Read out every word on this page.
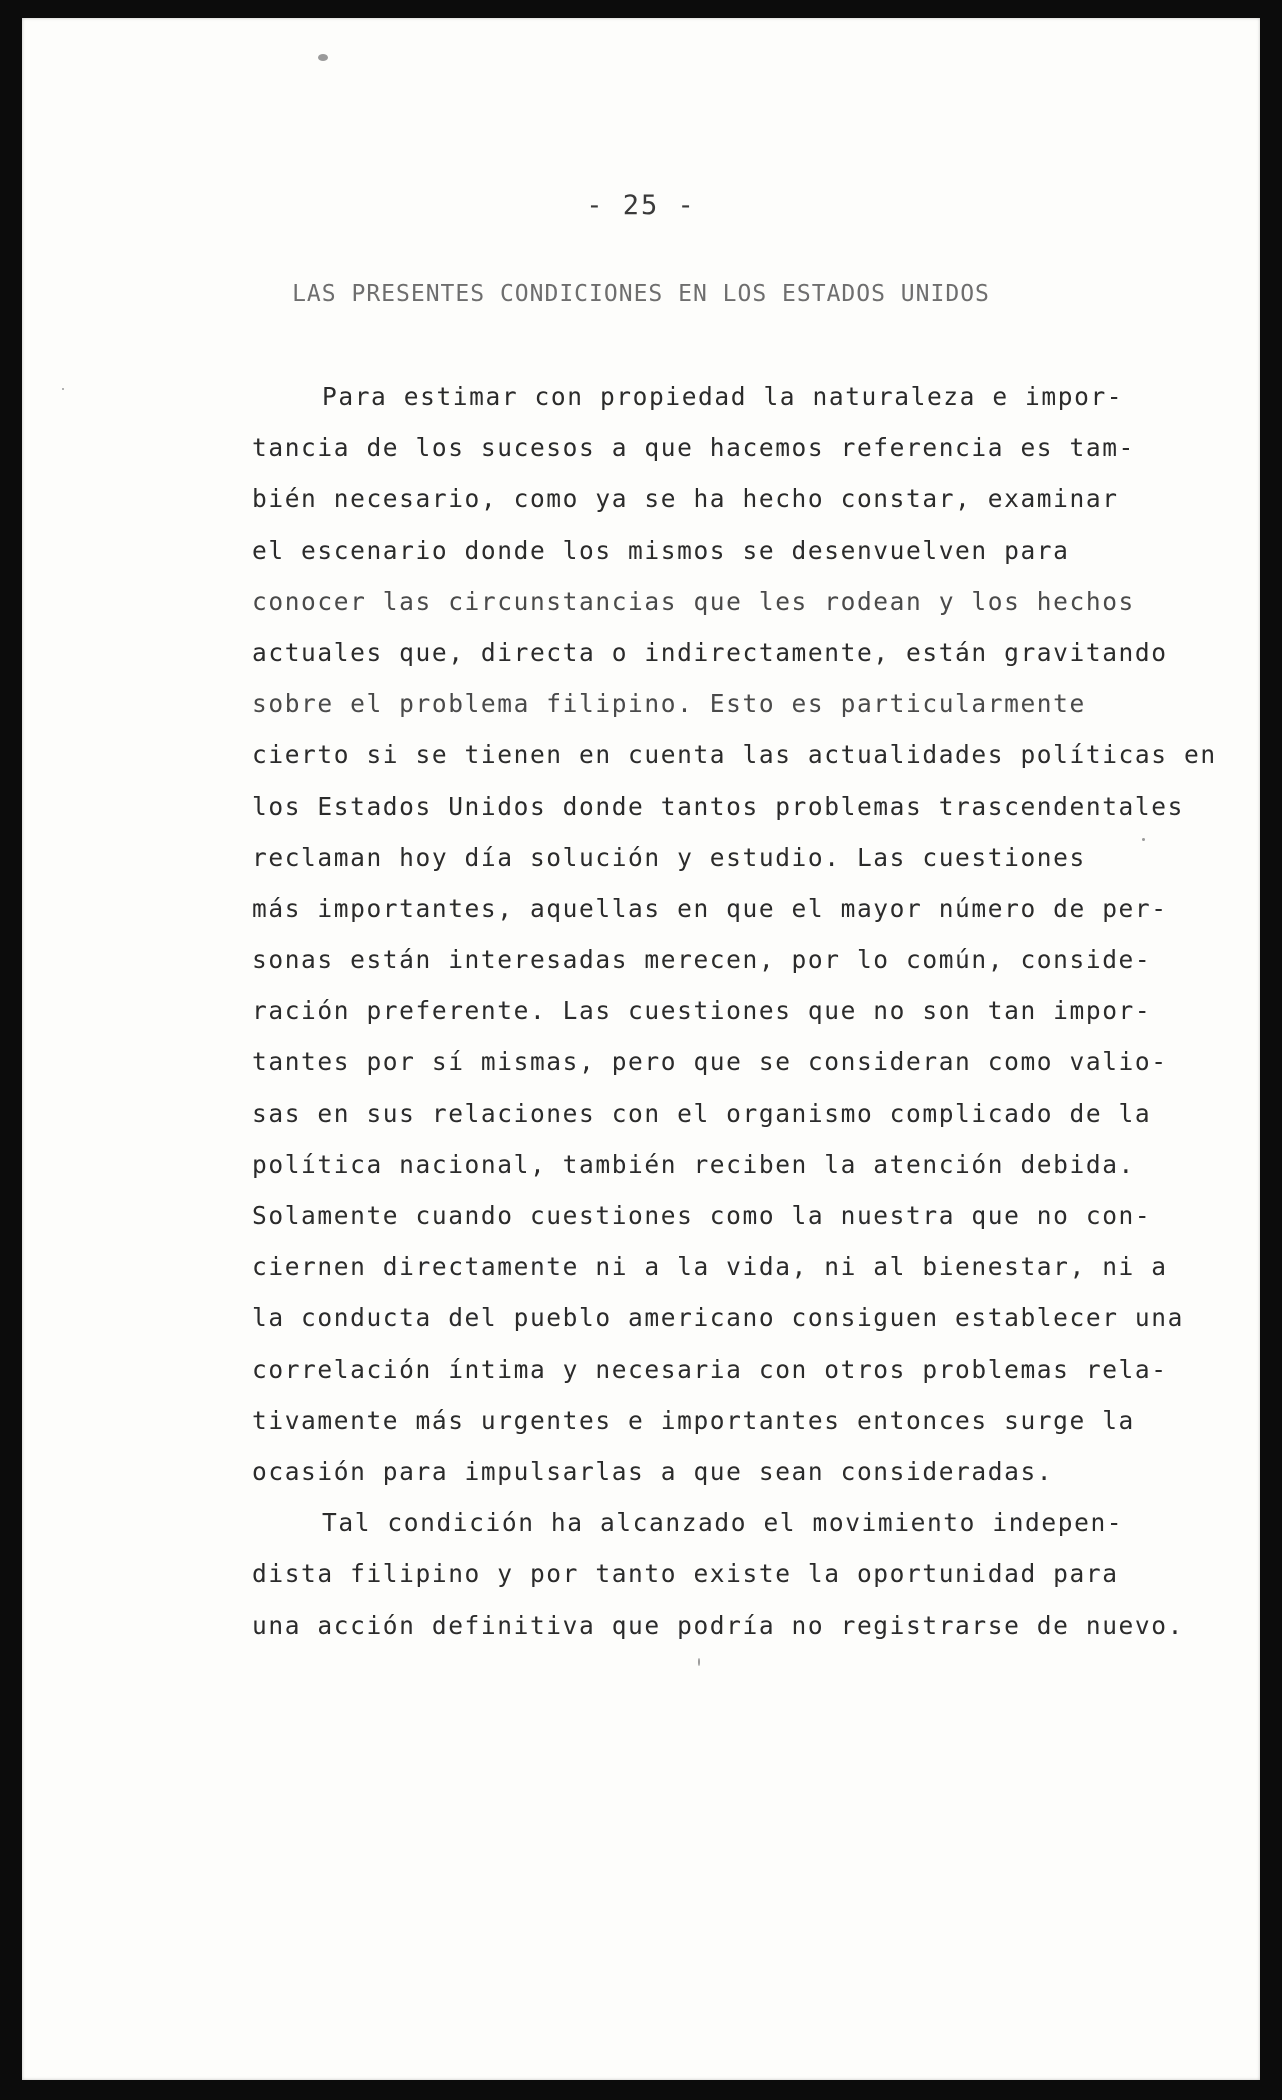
- 25 -
LAS PRESENTES CONDICIONES EN LOS ESTADOS UNIDOS
Para estimar con propiedad la naturaleza e impor-
tancia de los sucesos a que hacemos referencia es tam-
bién necesario, como ya se ha hecho constar, examinar
el escenario donde los mismos se desenvuelven para
conocer las circunstancias que les rodean y los hechos
actuales que, directa o indirectamente, están gravitando
sobre el problema filipino. Esto es particularmente
cierto si se tienen en cuenta las actualidades políticas en
los Estados Unidos donde tantos problemas trascendentales
reclaman hoy día solución y estudio. Las cuestiones
más importantes, aquellas en que el mayor número de per-
sonas están interesadas merecen, por lo común, conside-
ración preferente. Las cuestiones que no son tan impor-
tantes por sí mismas, pero que se consideran como valio-
sas en sus relaciones con el organismo complicado de la
política nacional, también reciben la atención debida.
Solamente cuando cuestiones como la nuestra que no con-
ciernen directamente ni a la vida, ni al bienestar, ni a
la conducta del pueblo americano consiguen establecer una
correlación íntima y necesaria con otros problemas rela-
tivamente más urgentes e importantes entonces surge la
ocasión para impulsarlas a que sean consideradas.
Tal condición ha alcanzado el movimiento indepen-
dista filipino y por tanto existe la oportunidad para
una acción definitiva que podría no registrarse de nuevo.
